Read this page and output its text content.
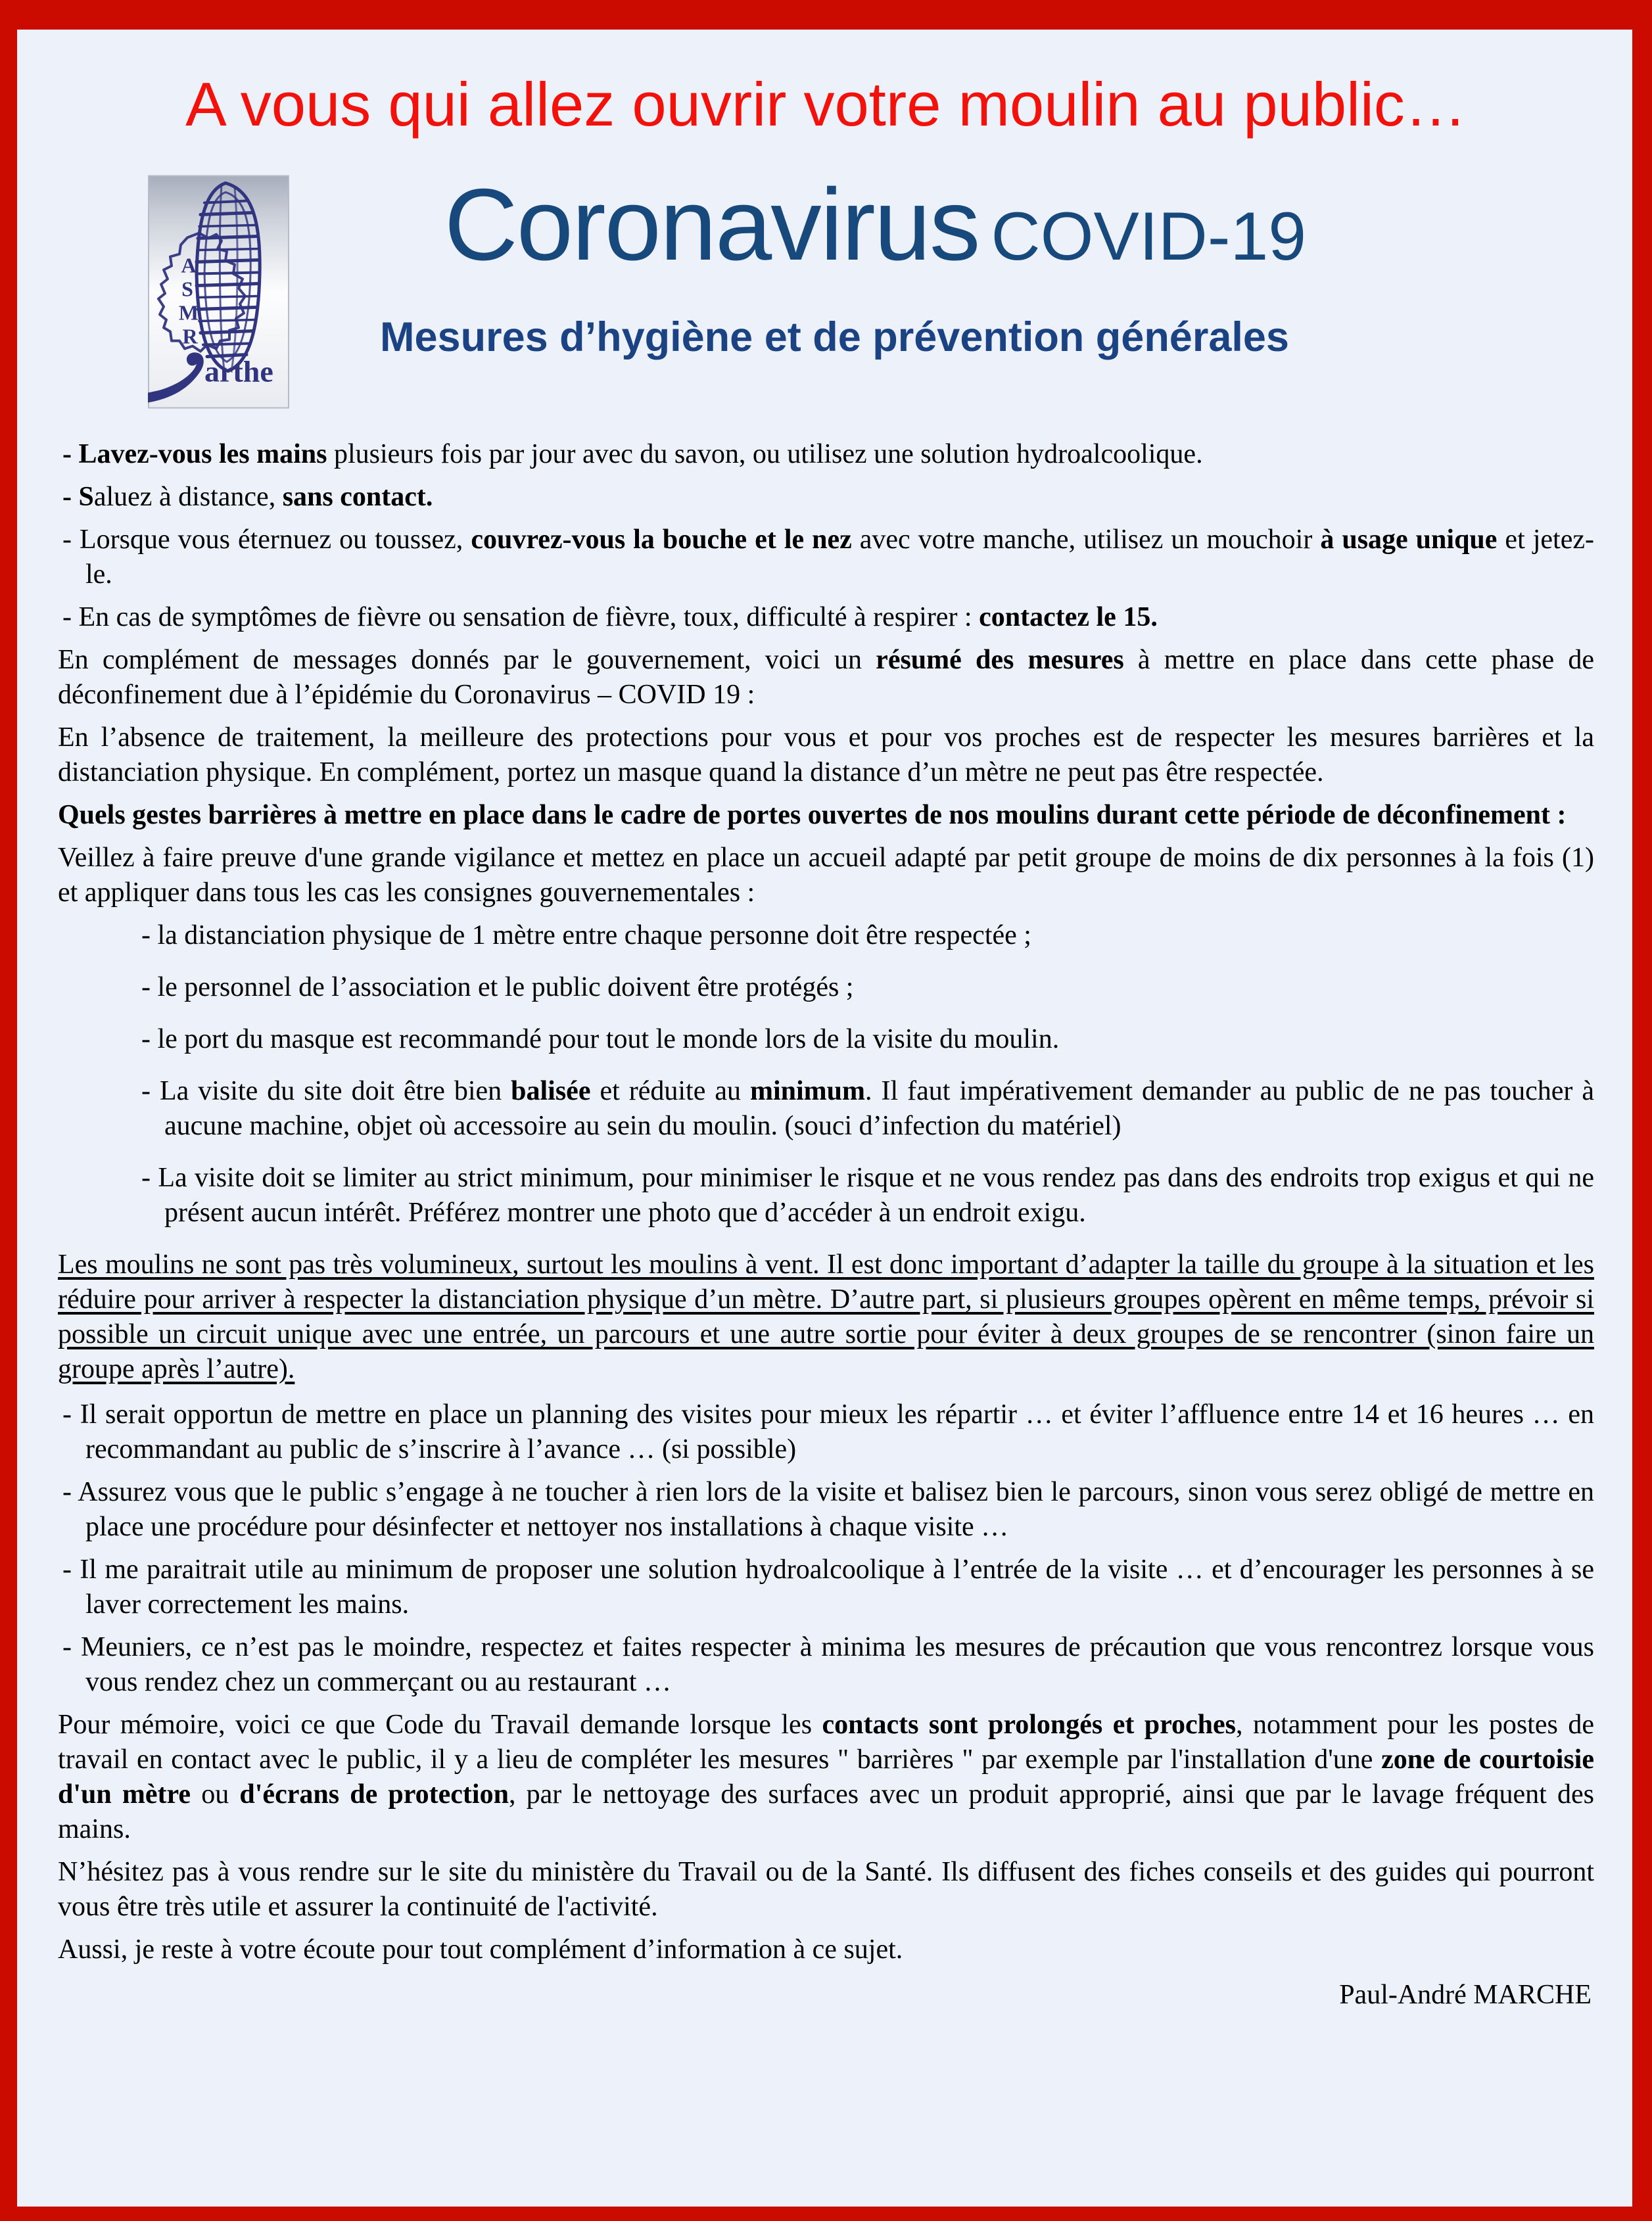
A vous qui allez ouvrir votre moulin au public…
A
S
M
R
arthe
Coronavirus COVID-19
Mesures d’hygiène et de prévention générales

- Lavez-vous les mains plusieurs fois par jour avec du savon, ou utilisez une solution hydroalcoolique.

- Saluez à distance, sans contact.

- Lorsque vous éternuez ou toussez, couvrez-vous la bouche et le nez avec votre manche, utilisez un mouchoir à usage unique et jetez-le.

- En cas de symptômes de fièvre ou sensation de fièvre, toux, difficulté à respirer : contactez le 15.

En complément de messages donnés par le gouvernement, voici un résumé des mesures à mettre en place dans cette phase de déconfinement due à l’épidémie du Coronavirus – COVID 19 :

En l’absence de traitement, la meilleure des protections pour vous et pour vos proches est de respecter les mesures barrières et la distanciation physique. En complément, portez un masque quand la distance d’un mètre ne peut pas être respectée.

Quels gestes barrières à mettre en place dans le cadre de portes ouvertes de nos moulins durant cette période de déconfinement :

Veillez à faire preuve d'une grande vigilance et mettez en place un accueil adapté par petit groupe de moins de dix personnes à la fois (1) et appliquer dans tous les cas les consignes gouvernementales :

- la distanciation physique de 1 mètre entre chaque personne doit être respectée ;

- le personnel de l’association et le public doivent être protégés ;

- le port du masque est recommandé pour tout le monde lors de la visite du moulin.

- La visite du site doit être bien balisée et réduite au minimum. Il faut impérativement demander au public de ne pas toucher à aucune machine, objet où accessoire au sein du moulin. (souci d’infection du matériel)

- La visite doit se limiter au strict minimum, pour minimiser le risque et ne vous rendez pas dans des endroits trop exigus et qui ne présent aucun intérêt. Préférez montrer une photo que d’accéder à un endroit exigu.

Les moulins ne sont pas très volumineux, surtout les moulins à vent. Il est donc important d’adapter la taille du groupe à la situation et les réduire pour arriver à respecter la distanciation physique d’un mètre. D’autre part, si plusieurs groupes opèrent en même temps, prévoir si possible un circuit unique avec une entrée, un parcours et une autre sortie pour éviter à deux groupes de se rencontrer (sinon faire un groupe après l’autre).

- Il serait opportun de mettre en place un planning des visites pour mieux les répartir … et éviter l’affluence entre 14 et 16 heures … en recommandant au public de s’inscrire à l’avance … (si possible)

- Assurez vous que le public s’engage à ne toucher à rien lors de la visite et balisez bien le parcours, sinon vous serez obligé de mettre en place une procédure pour désinfecter et nettoyer nos installations à chaque visite …

- Il me paraitrait utile au minimum de proposer une solution hydroalcoolique à l’entrée de la visite … et d’encourager les personnes à se laver correctement les mains.

- Meuniers, ce n’est pas le moindre, respectez et faites respecter à minima les mesures de précaution que vous rencontrez lorsque vous vous rendez chez un commerçant ou au restaurant …

Pour mémoire, voici ce que Code du Travail demande lorsque les contacts sont prolongés et proches, notamment pour les postes de travail en contact avec le public, il y a lieu de compléter les mesures " barrières " par exemple par l'installation d'une zone de courtoisie d'un mètre ou d'écrans de protection, par le nettoyage des surfaces avec un produit approprié, ainsi que par le lavage fréquent des mains.

N’hésitez pas à vous rendre sur le site du ministère du Travail ou de la Santé. Ils diffusent des fiches conseils et des guides qui pourront vous être très utile et assurer la continuité de l'activité.

Aussi, je reste à votre écoute pour tout complément d’information à ce sujet.

Paul-André MARCHE
